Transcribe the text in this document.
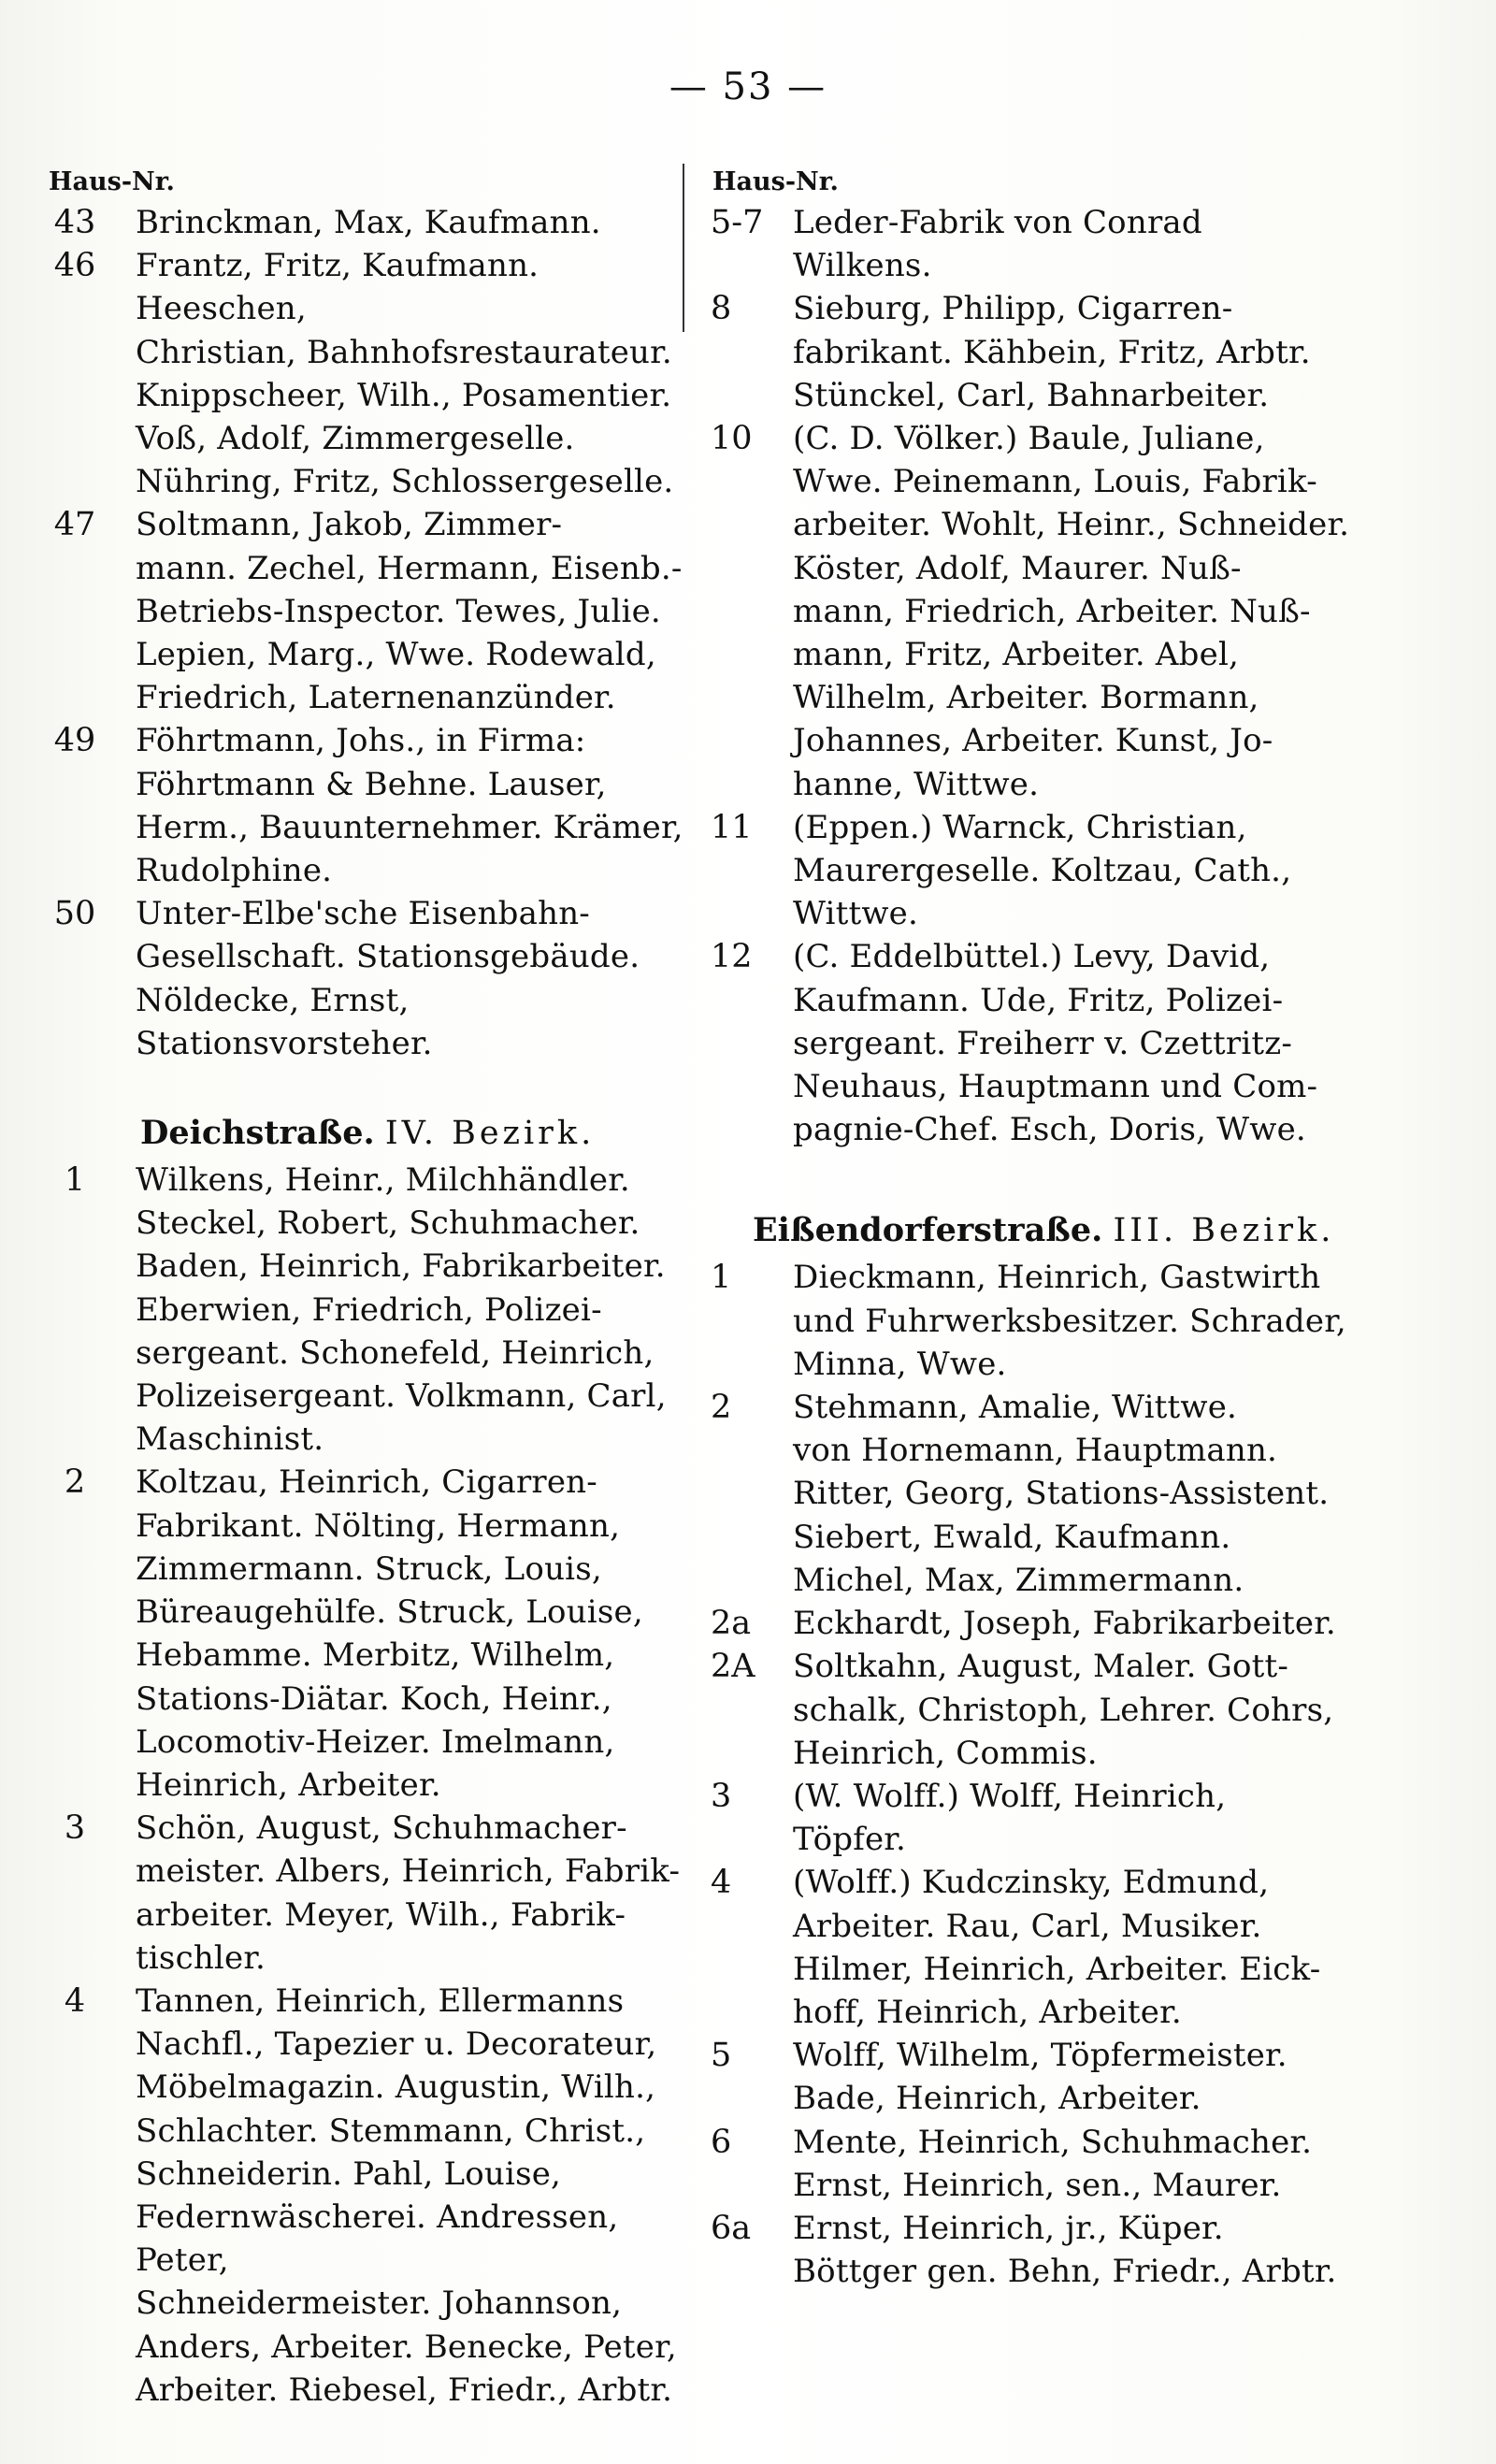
— 53 —
Haus-Nr.
43 Brinckman, Max, Kaufmann.
46 Frantz, Fritz, Kaufmann. Heeschen,
Christian, Bahnhofsrestaurateur.
Knippscheer, Wilh., Posamentier.
Voß, Adolf, Zimmergeselle.
Nühring, Fritz, Schlossergeselle.
47 Soltmann, Jakob, Zimmer-
mann. Zechel, Hermann, Eisenb.-
Betriebs-Inspector. Tewes, Julie.
Lepien, Marg., Wwe. Rodewald,
Friedrich, Laternenanzünder.
49 Föhrtmann, Johs., in Firma:
Föhrtmann & Behne. Lauser,
Herm., Bauunternehmer. Krämer,
Rudolphine.
50 Unter-Elbe'sche Eisenbahn-
Gesellschaft. Stationsgebäude.
Nöldecke, Ernst, Stationsvorsteher.
Deichstraße. IV. Bezirk.
1	Wilkens, Heinr., Milchhändler.
Steckel, Robert, Schuhmacher.
Baden, Heinrich, Fabrikarbeiter.
Eberwien, Friedrich, Polizei-
sergeant. Schonefeld, Heinrich,
Polizeisergeant. Volkmann, Carl,
Maschinist.
2	Koltzau, Heinrich, Cigarren-
Fabrikant. Nölting, Hermann,
Zimmermann. Struck, Louis,
Büreaugehülfe. Struck, Louise,
Hebamme. Merbitz, Wilhelm,
Stations-Diätar. Koch, Heinr.,
Locomotiv-Heizer. Imelmann,
Heinrich, Arbeiter.
3	Schön, August, Schuhmacher-
meister. Albers, Heinrich, Fabrik-
arbeiter. Meyer, Wilh., Fabrik-
tischler.
4	Tannen, Heinrich, Ellermanns
Nachfl., Tapezier u. Decorateur,
Möbelmagazin. Augustin, Wilh.,
Schlachter. Stemmann, Christ.,
Schneiderin. Pahl, Louise,
Federnwäscherei. Andressen, Peter,
Schneidermeister. Johannson,
Anders, Arbeiter. Benecke, Peter,
Arbeiter. Riebesel, Friedr., Arbtr.
Haus-Nr.
5-7 Leder-Fabrik von Conrad
Wilkens.
8	Sieburg, Philipp, Cigarren-
fabrikant. Kähbein, Fritz, Arbtr.
Stünckel, Carl, Bahnarbeiter.
10	(C. D. Völker.) Baule, Juliane,
Wwe. Peinemann, Louis, Fabrik-
arbeiter. Wohlt, Heinr., Schneider.
Köster, Adolf, Maurer. Nuß-
mann, Friedrich, Arbeiter. Nuß-
mann, Fritz, Arbeiter. Abel,
Wilhelm, Arbeiter. Bormann,
Johannes, Arbeiter. Kunst, Jo-
hanne, Wittwe.
11	(Eppen.) Warnck, Christian,
Maurergeselle. Koltzau, Cath.,
Wittwe.
12	(C. Eddelbüttel.) Levy, David,
Kaufmann. Ude, Fritz, Polizei-
sergeant. Freiherr v. Czettritz-
Neuhaus, Hauptmann und Com-
pagnie-Chef. Esch, Doris, Wwe.
Eißendorferstraße. III. Bezirk.
1	Dieckmann, Heinrich, Gastwirth
und Fuhrwerksbesitzer. Schrader,
Minna, Wwe.
2	Stehmann, Amalie, Wittwe.
von Hornemann, Hauptmann.
Ritter, Georg, Stations-Assistent.
Siebert, Ewald, Kaufmann.
Michel, Max, Zimmermann.
2a	Eckhardt, Joseph, Fabrikarbeiter.
2A	Soltkahn, August, Maler. Gott-
schalk, Christoph, Lehrer. Cohrs,
Heinrich, Commis.
3	(W. Wolff.) Wolff, Heinrich,
Töpfer.
4	(Wolff.) Kudczinsky, Edmund,
Arbeiter. Rau, Carl, Musiker.
Hilmer, Heinrich, Arbeiter. Eick-
hoff, Heinrich, Arbeiter.
5	Wolff, Wilhelm, Töpfermeister.
Bade, Heinrich, Arbeiter.
6	Mente, Heinrich, Schuhmacher.
Ernst, Heinrich, sen., Maurer.
6a	Ernst, Heinrich, jr., Küper.
Böttger gen. Behn, Friedr., Arbtr.
